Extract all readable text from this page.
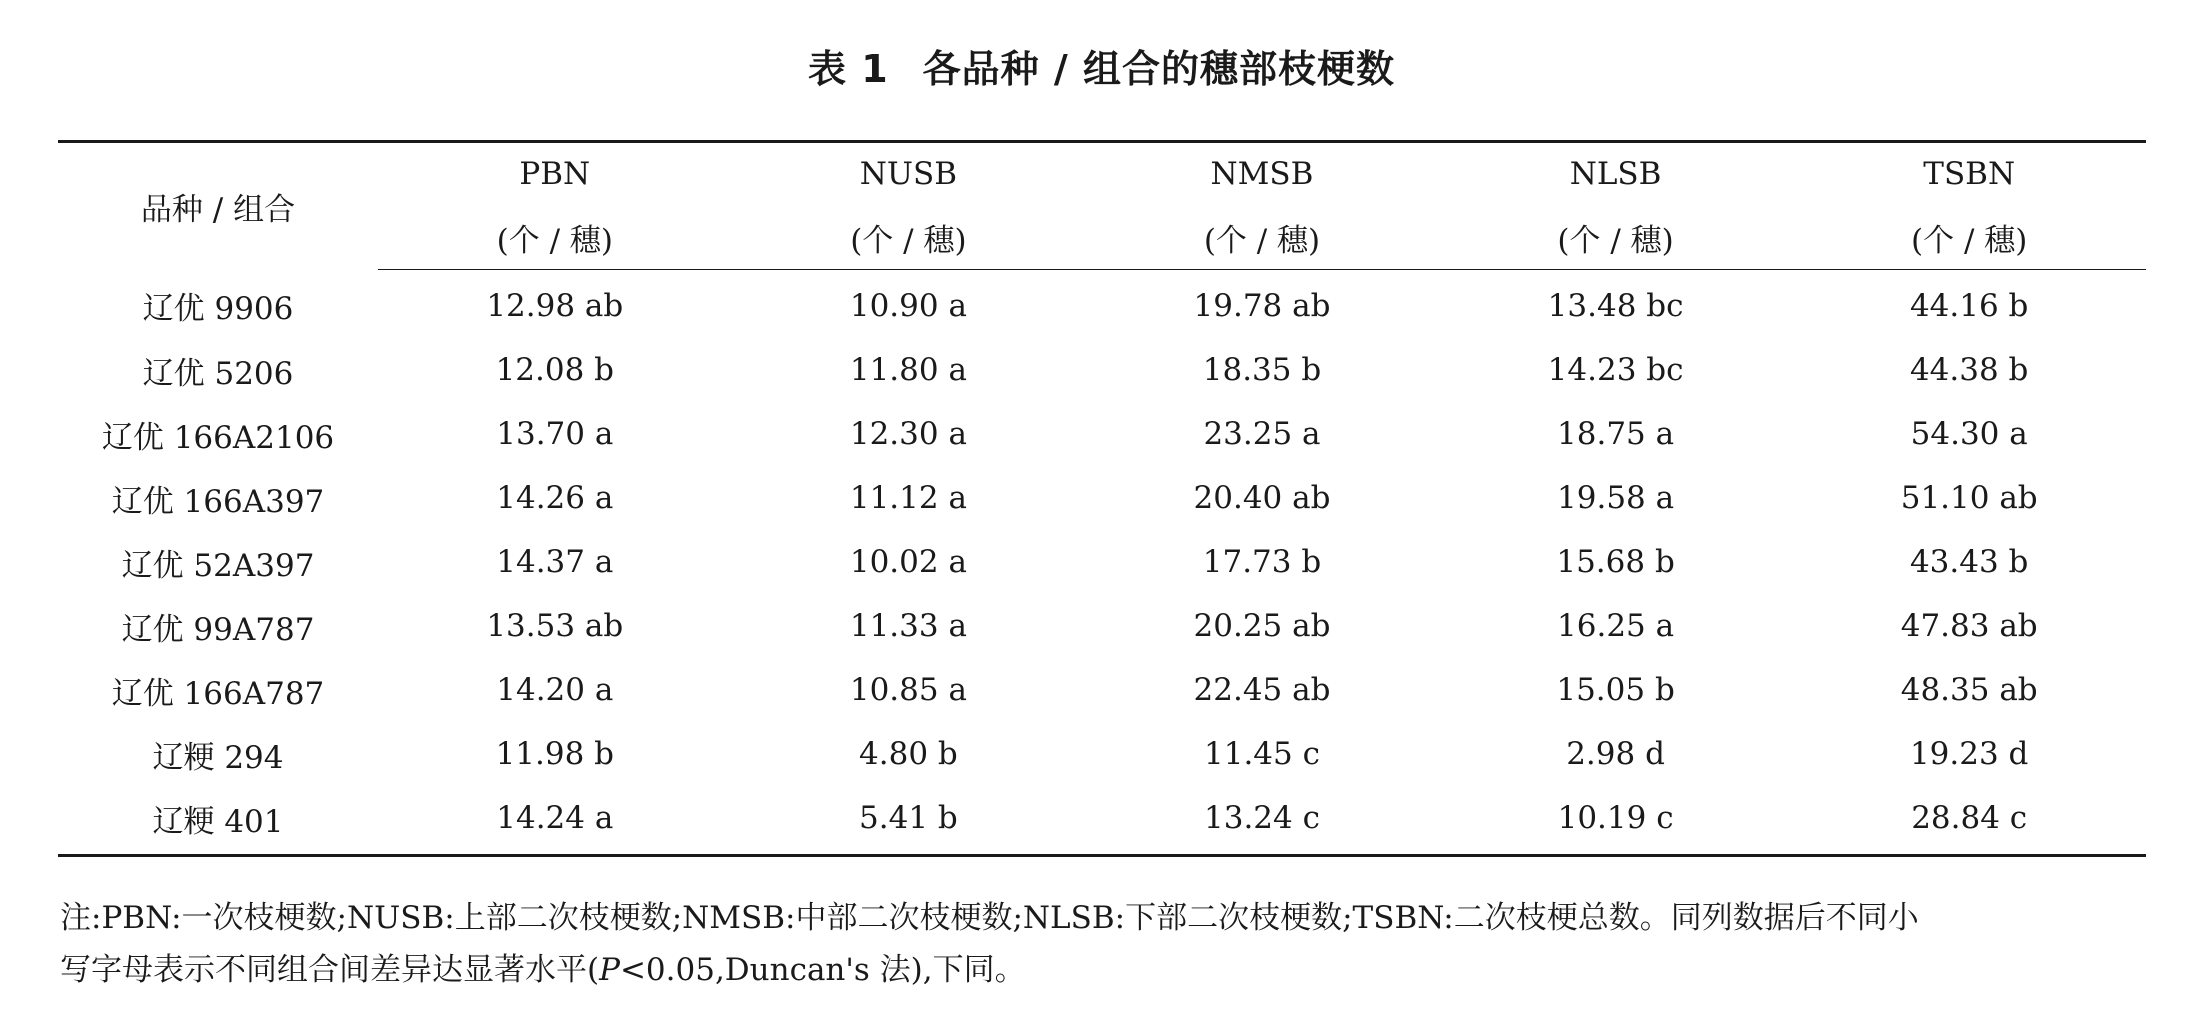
表 1 各品种 / 组合的穗部枝梗数
品种 / 组合	PBN	NUSB	NMSB	NLSB	TSBN
	(个 / 穗)	(个 / 穗)	(个 / 穗)	(个 / 穗)	(个 / 穗)
辽优 9906	12.98 ab	10.90 a	19.78 ab	13.48 bc	44.16 b
辽优 5206	12.08 b	11.80 a	18.35 b	14.23 bc	44.38 b
辽优 166A2106	13.70 a	12.30 a	23.25 a	18.75 a	54.30 a
辽优 166A397	14.26 a	11.12 a	20.40 ab	19.58 a	51.10 ab
辽优 52A397	14.37 a	10.02 a	17.73 b	15.68 b	43.43 b
辽优 99A787	13.53 ab	11.33 a	20.25 ab	16.25 a	47.83 ab
辽优 166A787	14.20 a	10.85 a	22.45 ab	15.05 b	48.35 ab
辽粳 294	11.98 b	4.80 b	11.45 c	2.98 d	19.23 d
辽粳 401	14.24 a	5.41 b	13.24 c	10.19 c	28.84 c
注:PBN:一次枝梗数;NUSB:上部二次枝梗数;NMSB:中部二次枝梗数;NLSB:下部二次枝梗数;TSBN:二次枝梗总数。同列数据后不同小
写字母表示不同组合间差异达显著水平(P<0.05,Duncan's 法),下同。
